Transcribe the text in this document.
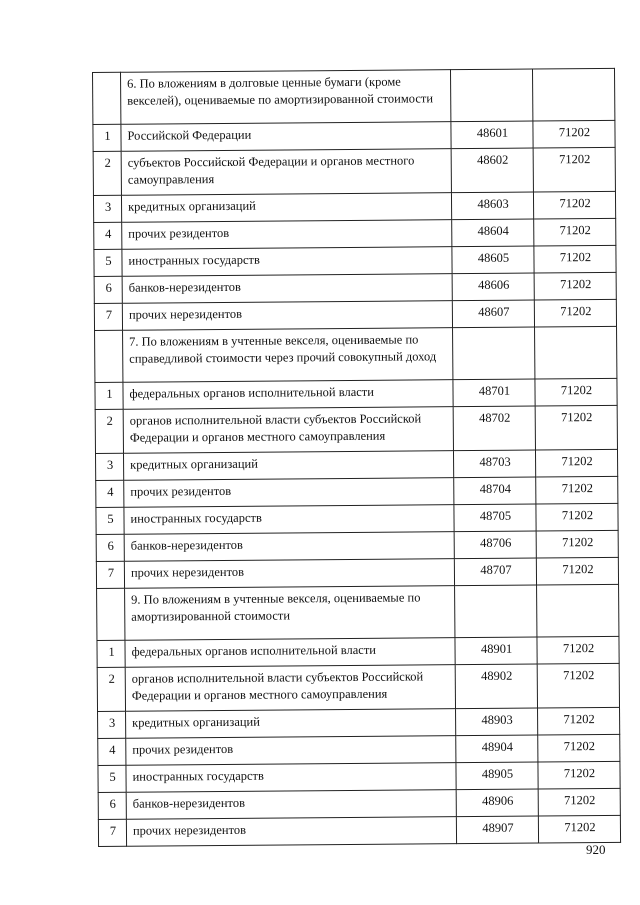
	6. По вложениям в долговые ценные бумаги (кроме векселей), оцениваемые по амортизированной стоимости		
1	Российской Федерации	48601	71202
2	субъектов Российской Федерации и органов местного самоуправления	48602	71202
3	кредитных организаций	48603	71202
4	прочих резидентов	48604	71202
5	иностранных государств	48605	71202
6	банков-нерезидентов	48606	71202
7	прочих нерезидентов	48607	71202
	7. По вложениям в учтенные векселя, оцениваемые по справедливой стоимости через прочий совокупный доход		
1	федеральных органов исполнительной власти	48701	71202
2	органов исполнительной власти субъектов Российской Федерации и органов местного самоуправления	48702	71202
3	кредитных организаций	48703	71202
4	прочих резидентов	48704	71202
5	иностранных государств	48705	71202
6	банков-нерезидентов	48706	71202
7	прочих нерезидентов	48707	71202
	9. По вложениям в учтенные векселя, оцениваемые по амортизированной стоимости		
1	федеральных органов исполнительной власти	48901	71202
2	органов исполнительной власти субъектов Российской Федерации и органов местного самоуправления	48902	71202
3	кредитных организаций	48903	71202
4	прочих резидентов	48904	71202
5	иностранных государств	48905	71202
6	банков-нерезидентов	48906	71202
7	прочих нерезидентов	48907	71202
920
